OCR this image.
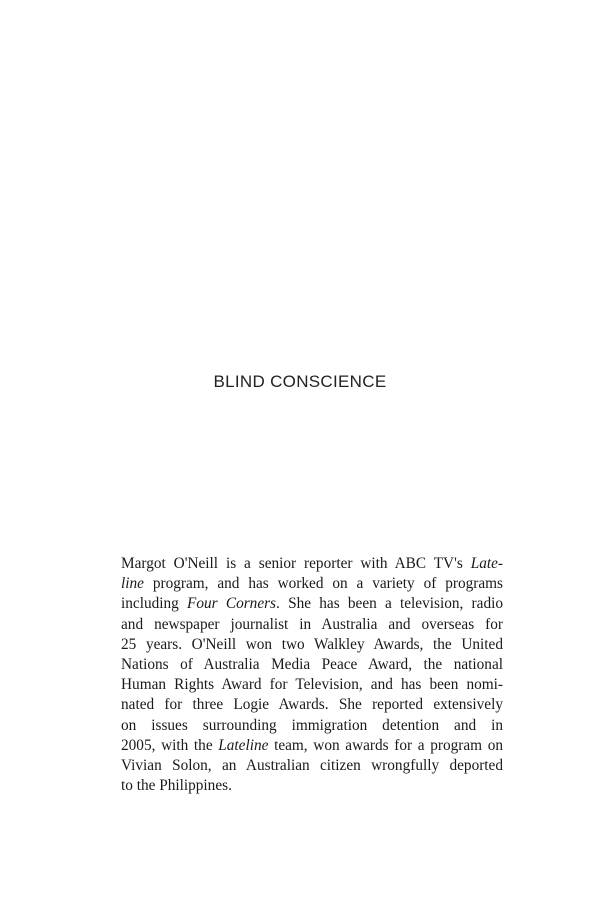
BLIND CONSCIENCE
Margot O'Neill is a senior reporter with ABC TV's Late-
line program, and has worked on a variety of programs
including Four Corners. She has been a television, radio
and newspaper journalist in Australia and overseas for
25 years. O'Neill won two Walkley Awards, the United
Nations of Australia Media Peace Award, the national
Human Rights Award for Television, and has been nomi-
nated for three Logie Awards. She reported extensively
on issues surrounding immigration detention and in
2005, with the Lateline team, won awards for a program on
Vivian Solon, an Australian citizen wrongfully deported
to the Philippines.
